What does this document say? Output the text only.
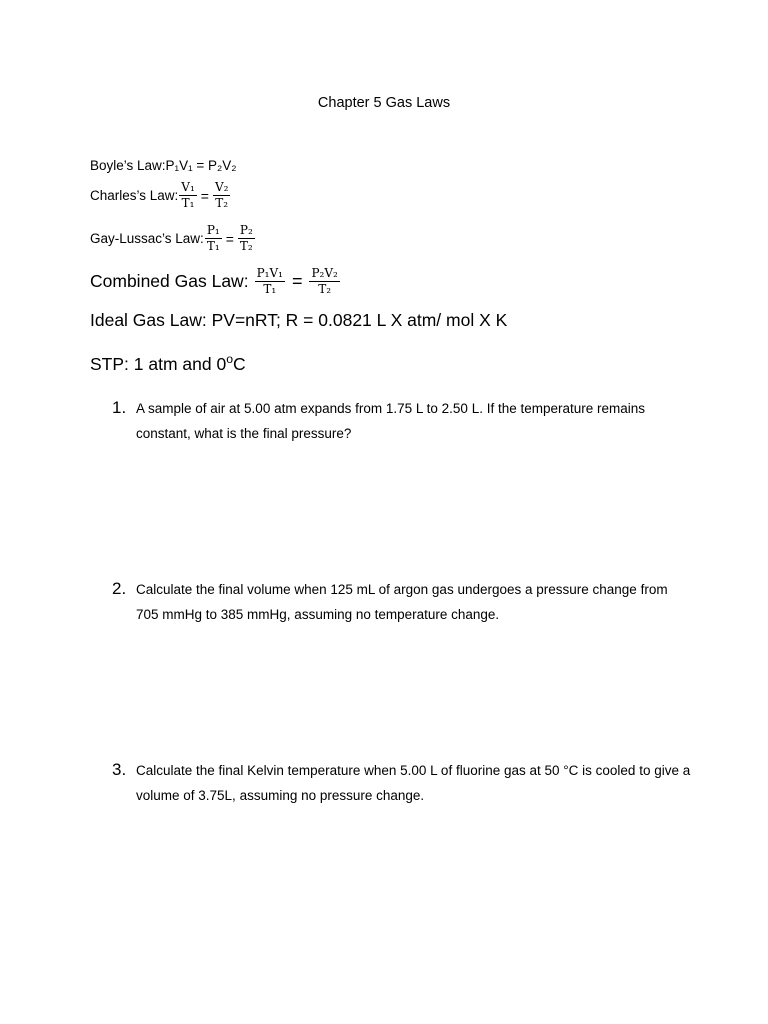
Chapter 5 Gas Laws
Boyle’s Law: P₁V₁ = P₂V₂
Charles’s Law: $\frac{\text{V₁}}{\text{T₁}} = \frac{\text{V₂}}{\text{T₂}}$
Gay-Lussac’s Law: $\frac{\text{P₁}}{\text{T₁}} = \frac{\text{P₂}}{\text{T₂}}$
Combined Gas Law: $\frac{\text{P₁V₁}}{\text{T₁}} = \frac{\text{P₂V₂}}{\text{T₂}}$
Ideal Gas Law: PV=nRT; R = 0.0821 L X atm/ mol X K
STP: 1 atm and 0$^o$C
1. A sample of air at 5.00 atm expands from 1.75 L to 2.50 L. If the temperature remains constant, what is the final pressure?
2. Calculate the final volume when 125 mL of argon gas undergoes a pressure change from 705 mmHg to 385 mmHg, assuming no temperature change.
3. Calculate the final Kelvin temperature when 5.00 L of fluorine gas at 50 °C is cooled to give a volume of 3.75L, assuming no pressure change.
